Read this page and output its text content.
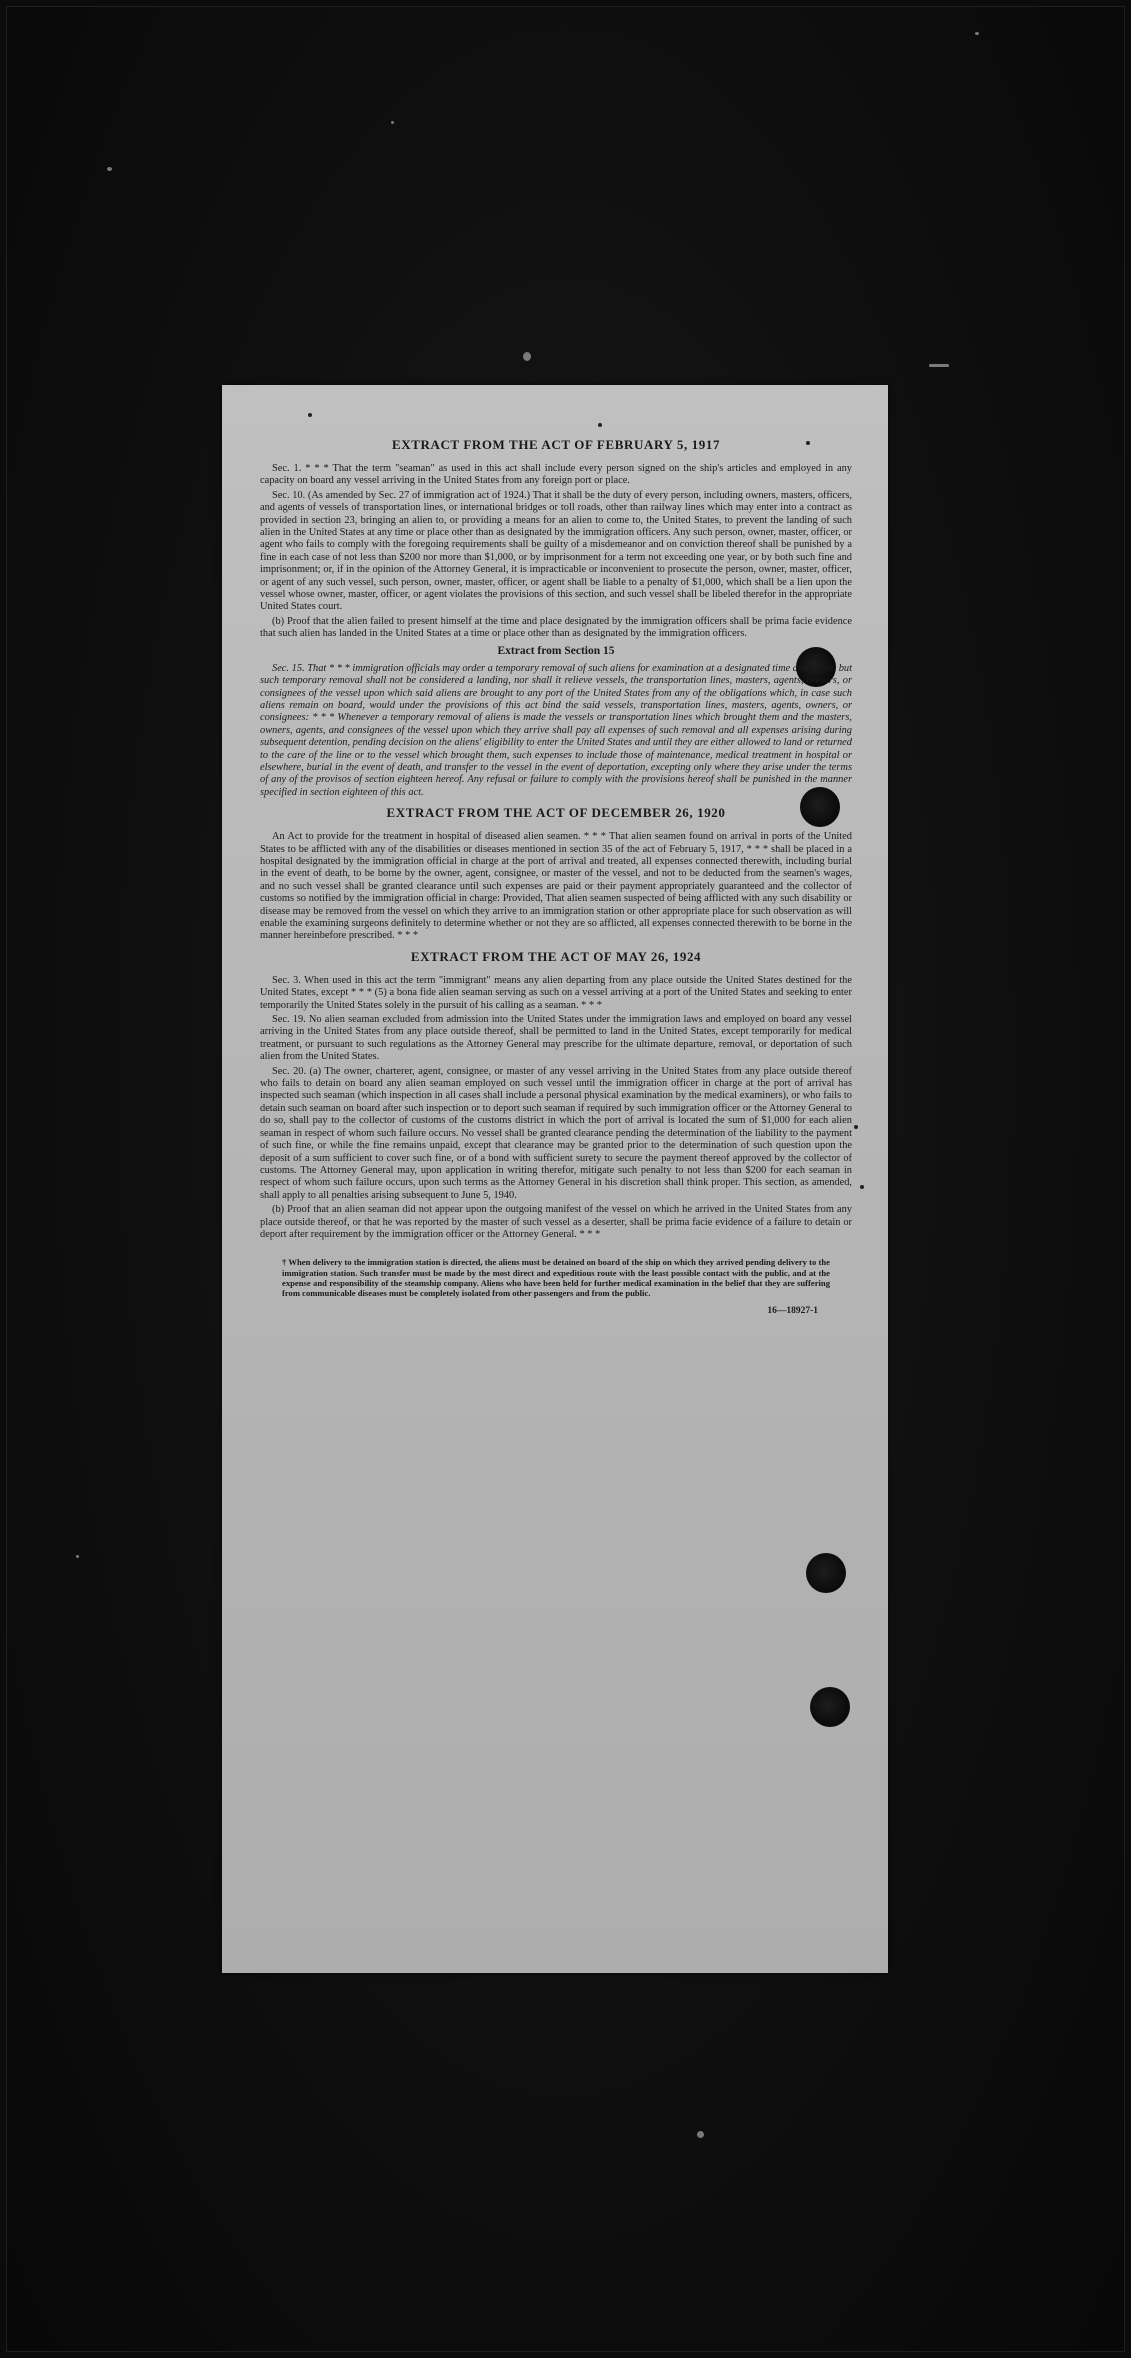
EXTRACT FROM THE ACT OF FEBRUARY 5, 1917

Sec. 1. * * * That the term "seaman" as used in this act shall include every person signed on the ship's articles and employed in any capacity on board any vessel arriving in the United States from any foreign port or place.

Sec. 10. (As amended by Sec. 27 of immigration act of 1924.) That it shall be the duty of every person, including owners, masters, officers, and agents of vessels of transportation lines, or international bridges or toll roads, other than railway lines which may enter into a contract as provided in section 23, bringing an alien to, or providing a means for an alien to come to, the United States, to prevent the landing of such alien in the United States at any time or place other than as designated by the immigration officers. Any such person, owner, master, officer, or agent who fails to comply with the foregoing requirements shall be guilty of a misdemeanor and on conviction thereof shall be punished by a fine in each case of not less than $200 nor more than $1,000, or by imprisonment for a term not exceeding one year, or by both such fine and imprisonment; or, if in the opinion of the Attorney General, it is impracticable or inconvenient to prosecute the person, owner, master, officer, or agent of any such vessel, such person, owner, master, officer, or agent shall be liable to a penalty of $1,000, which shall be a lien upon the vessel whose owner, master, officer, or agent violates the provisions of this section, and such vessel shall be libeled therefor in the appropriate United States court.

(b) Proof that the alien failed to present himself at the time and place designated by the immigration officers shall be prima facie evidence that such alien has landed in the United States at a time or place other than as designated by the immigration officers.

Extract from Section 15

Sec. 15. That * * * immigration officials may order a temporary removal of such aliens for examination at a designated time and place, but such temporary removal shall not be considered a landing, nor shall it relieve vessels, the transportation lines, masters, agents, owners, or consignees of the vessel upon which said aliens are brought to any port of the United States from any of the obligations which, in case such aliens remain on board, would under the provisions of this act bind the said vessels, transportation lines, masters, agents, owners, or consignees: * * * Whenever a temporary removal of aliens is made the vessels or transportation lines which brought them and the masters, owners, agents, and consignees of the vessel upon which they arrive shall pay all expenses of such removal and all expenses arising during subsequent detention, pending decision on the aliens' eligibility to enter the United States and until they are either allowed to land or returned to the care of the line or to the vessel which brought them, such expenses to include those of maintenance, medical treatment in hospital or elsewhere, burial in the event of death, and transfer to the vessel in the event of deportation, excepting only where they arise under the terms of any of the provisos of section eighteen hereof. Any refusal or failure to comply with the provisions hereof shall be punished in the manner specified in section eighteen of this act.

EXTRACT FROM THE ACT OF DECEMBER 26, 1920

An Act to provide for the treatment in hospital of diseased alien seamen. * * * That alien seamen found on arrival in ports of the United States to be afflicted with any of the disabilities or diseases mentioned in section 35 of the act of February 5, 1917, * * * shall be placed in a hospital designated by the immigration official in charge at the port of arrival and treated, all expenses connected therewith, including burial in the event of death, to be borne by the owner, agent, consignee, or master of the vessel, and not to be deducted from the seamen's wages, and no such vessel shall be granted clearance until such expenses are paid or their payment appropriately guaranteed and the collector of customs so notified by the immigration official in charge: Provided, That alien seamen suspected of being afflicted with any such disability or disease may be removed from the vessel on which they arrive to an immigration station or other appropriate place for such observation as will enable the examining surgeons definitely to determine whether or not they are so afflicted, all expenses connected therewith to be borne in the manner hereinbefore prescribed. * * *

EXTRACT FROM THE ACT OF MAY 26, 1924

Sec. 3. When used in this act the term "immigrant" means any alien departing from any place outside the United States destined for the United States, except * * * (5) a bona fide alien seaman serving as such on a vessel arriving at a port of the United States and seeking to enter temporarily the United States solely in the pursuit of his calling as a seaman. * * *

Sec. 19. No alien seaman excluded from admission into the United States under the immigration laws and employed on board any vessel arriving in the United States from any place outside thereof, shall be permitted to land in the United States, except temporarily for medical treatment, or pursuant to such regulations as the Attorney General may prescribe for the ultimate departure, removal, or deportation of such alien from the United States.

Sec. 20. (a) The owner, charterer, agent, consignee, or master of any vessel arriving in the United States from any place outside thereof who fails to detain on board any alien seaman employed on such vessel until the immigration officer in charge at the port of arrival has inspected such seaman (which inspection in all cases shall include a personal physical examination by the medical examiners), or who fails to detain such seaman on board after such inspection or to deport such seaman if required by such immigration officer or the Attorney General to do so, shall pay to the collector of customs of the customs district in which the port of arrival is located the sum of $1,000 for each alien seaman in respect of whom such failure occurs. No vessel shall be granted clearance pending the determination of the liability to the payment of such fine, or while the fine remains unpaid, except that clearance may be granted prior to the determination of such question upon the deposit of a sum sufficient to cover such fine, or of a bond with sufficient surety to secure the payment thereof approved by the collector of customs. The Attorney General may, upon application in writing therefor, mitigate such penalty to not less than $200 for each seaman in respect of whom such failure occurs, upon such terms as the Attorney General in his discretion shall think proper. This section, as amended, shall apply to all penalties arising subsequent to June 5, 1940.

(b) Proof that an alien seaman did not appear upon the outgoing manifest of the vessel on which he arrived in the United States from any place outside thereof, or that he was reported by the master of such vessel as a deserter, shall be prima facie evidence of a failure to detain or deport after requirement by the immigration officer or the Attorney General. * * *

† When delivery to the immigration station is directed, the aliens must be detained on board of the ship on which they arrived pending delivery to the immigration station. Such transfer must be made by the most direct and expeditious route with the least possible contact with the public, and at the expense and responsibility of the steamship company. Aliens who have been held for further medical examination in the belief that they are suffering from communicable diseases must be completely isolated from other passengers and from the public.
16—18927-1
